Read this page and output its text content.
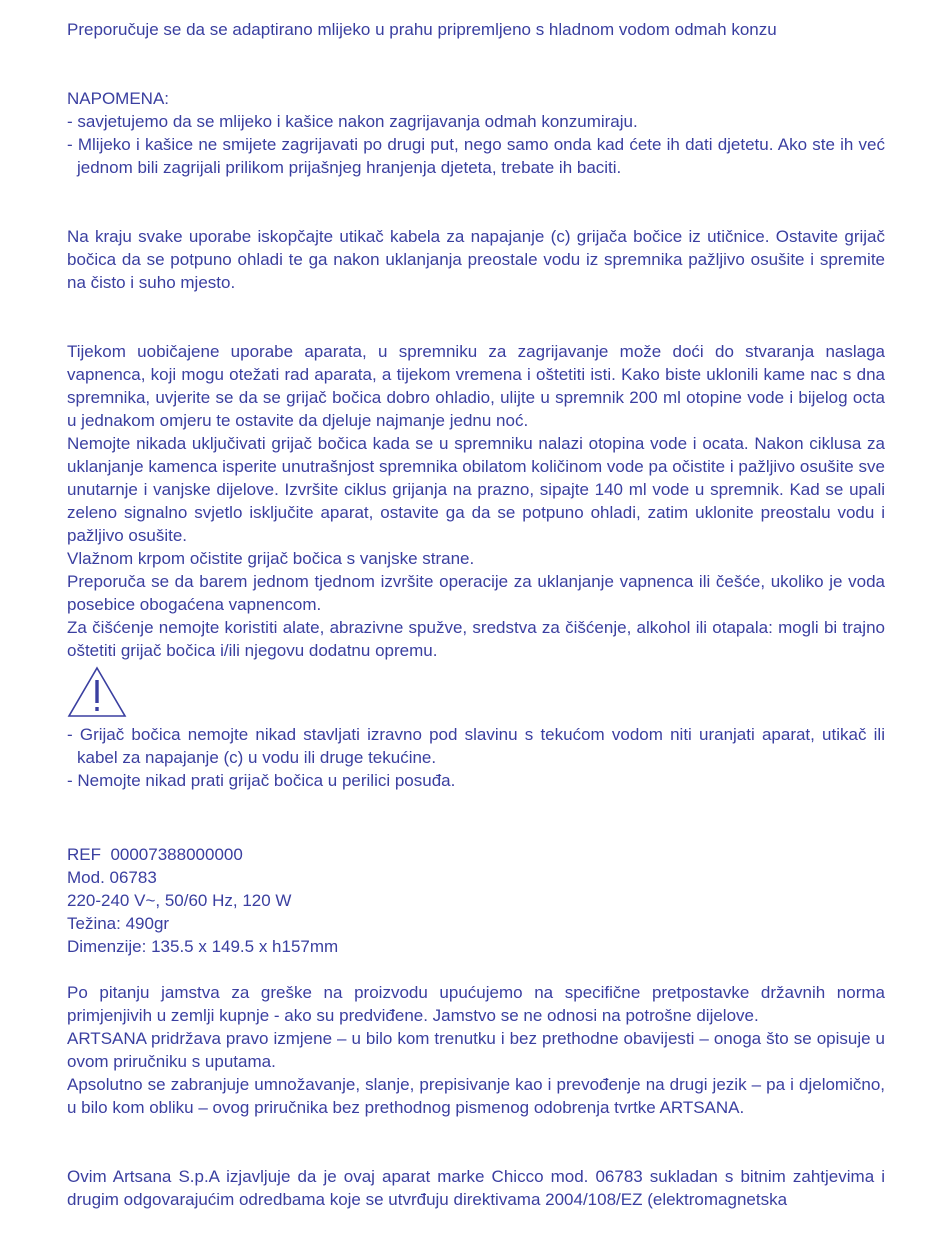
Preporučuje se da se adaptirano mlijeko u prahu pripremljeno s hladnom vodom odmah konzu

NAPOMENA:

- savjetujemo da se mlijeko i kašice nakon zagrijavanja odmah konzumiraju.

- Mlijeko i kašice ne smijete zagrijavati po drugi put, nego samo onda kad ćete ih dati djetetu. Ako ste ih već jednom bili zagrijali prilikom prijašnjeg hranjenja djeteta, trebate ih baciti.

Na kraju svake uporabe iskopčajte utikač kabela za napajanje (c) grijača bočice iz utičnice. Ostavite grijač bočica da se potpuno ohladi te ga nakon uklanjanja preostale vodu iz spremnika pažljivo osušite i spremite na čisto i suho mjesto.

Tijekom uobičajene uporabe aparata, u spremniku za zagrijavanje može doći do stvaranja naslaga vapnenca, koji mogu otežati rad aparata, a tijekom vremena i oštetiti isti. Kako biste uklonili kame nac s dna spremnika, uvjerite se da se grijač bočica dobro ohladio, ulijte u spremnik 200 ml otopine vode i bijelog octa u jednakom omjeru te ostavite da djeluje najmanje jednu noć.

Nemojte nikada uključivati grijač bočica kada se u spremniku nalazi otopina vode i ocata. Nakon ciklusa za uklanjanje kamenca isperite unutrašnjost spremnika obilatom količinom vode pa očistite i pažljivo osušite sve unutarnje i vanjske dijelove. Izvršite ciklus grijanja na prazno, sipajte 140 ml vode u spremnik. Kad se upali zeleno signalno svjetlo isključite aparat, ostavite ga da se potpuno ohladi, zatim uklonite preostalu vodu i pažljivo osušite.

Vlažnom krpom očistite grijač bočica s vanjske strane.

Preporuča se da barem jednom tjednom izvršite operacije za uklanjanje vapnenca ili češće, ukoliko je voda posebice obogaćena vapnencom.

Za čišćenje nemojte koristiti alate, abrazivne spužve, sredstva za čišćenje, alkohol ili otapala: mogli bi trajno oštetiti grijač bočica i/ili njegovu dodatnu opremu.

- Grijač bočica nemojte nikad stavljati izravno pod slavinu s tekućom vodom niti uranjati aparat, utikač ili kabel za napajanje (c) u vodu ili druge tekućine.

- Nemojte nikad prati grijač bočica u perilici posuđa.

REF  00007388000000

Mod. 06783

220-240 V~, 50/60 Hz, 120 W

Težina: 490gr

Dimenzije: 135.5 x 149.5 x h157mm

Po pitanju jamstva za greške na proizvodu upućujemo na specifične pretpostavke državnih norma primjenjivih u zemlji kupnje - ako su predviđene. Jamstvo se ne odnosi na potrošne dijelove.

ARTSANA pridržava pravo izmjene – u bilo kom trenutku i bez prethodne obavijesti – onoga što se opisuje u ovom priručniku s uputama.

Apsolutno se zabranjuje umnožavanje, slanje, prepisivanje kao i prevođenje na drugi jezik – pa i djelomično, u bilo kom obliku – ovog priručnika bez prethodnog pismenog odobrenja tvrtke ARTSANA.

Ovim Artsana S.p.A izjavljuje da je ovaj aparat marke Chicco mod. 06783 sukladan s bitnim zahtjevima i drugim odgovarajućim odredbama koje se utvrđuju direktivama 2004/108/EZ (elektromagnetska
